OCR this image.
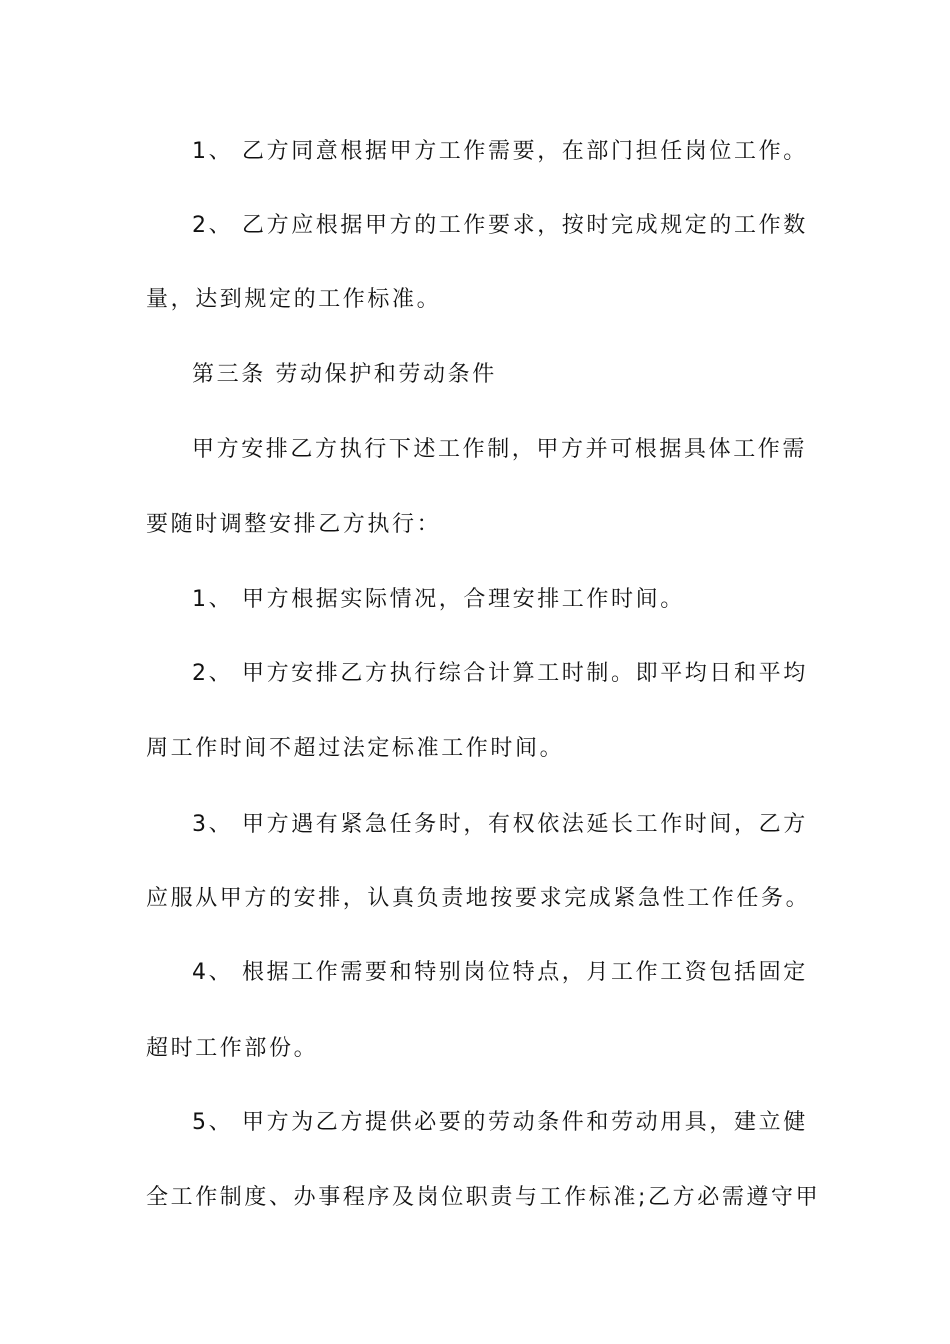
1、 乙方同意根据甲方工作需要，在部门担任岗位工作。
2、 乙方应根据甲方的工作要求，按时完成规定的工作数
量，达到规定的工作标准。
第三条 劳动保护和劳动条件
甲方安排乙方执行下述工作制，甲方并可根据具体工作需
要随时调整安排乙方执行：
1、 甲方根据实际情况，合理安排工作时间。
2、 甲方安排乙方执行综合计算工时制。即平均日和平均
周工作时间不超过法定标准工作时间。
3、 甲方遇有紧急任务时，有权依法延长工作时间，乙方
应服从甲方的安排，认真负责地按要求完成紧急性工作任务。
4、 根据工作需要和特别岗位特点，月工作工资包括固定
超时工作部份。
5、 甲方为乙方提供必要的劳动条件和劳动用具，建立健
全工作制度、办事程序及岗位职责与工作标准;乙方必需遵守甲
